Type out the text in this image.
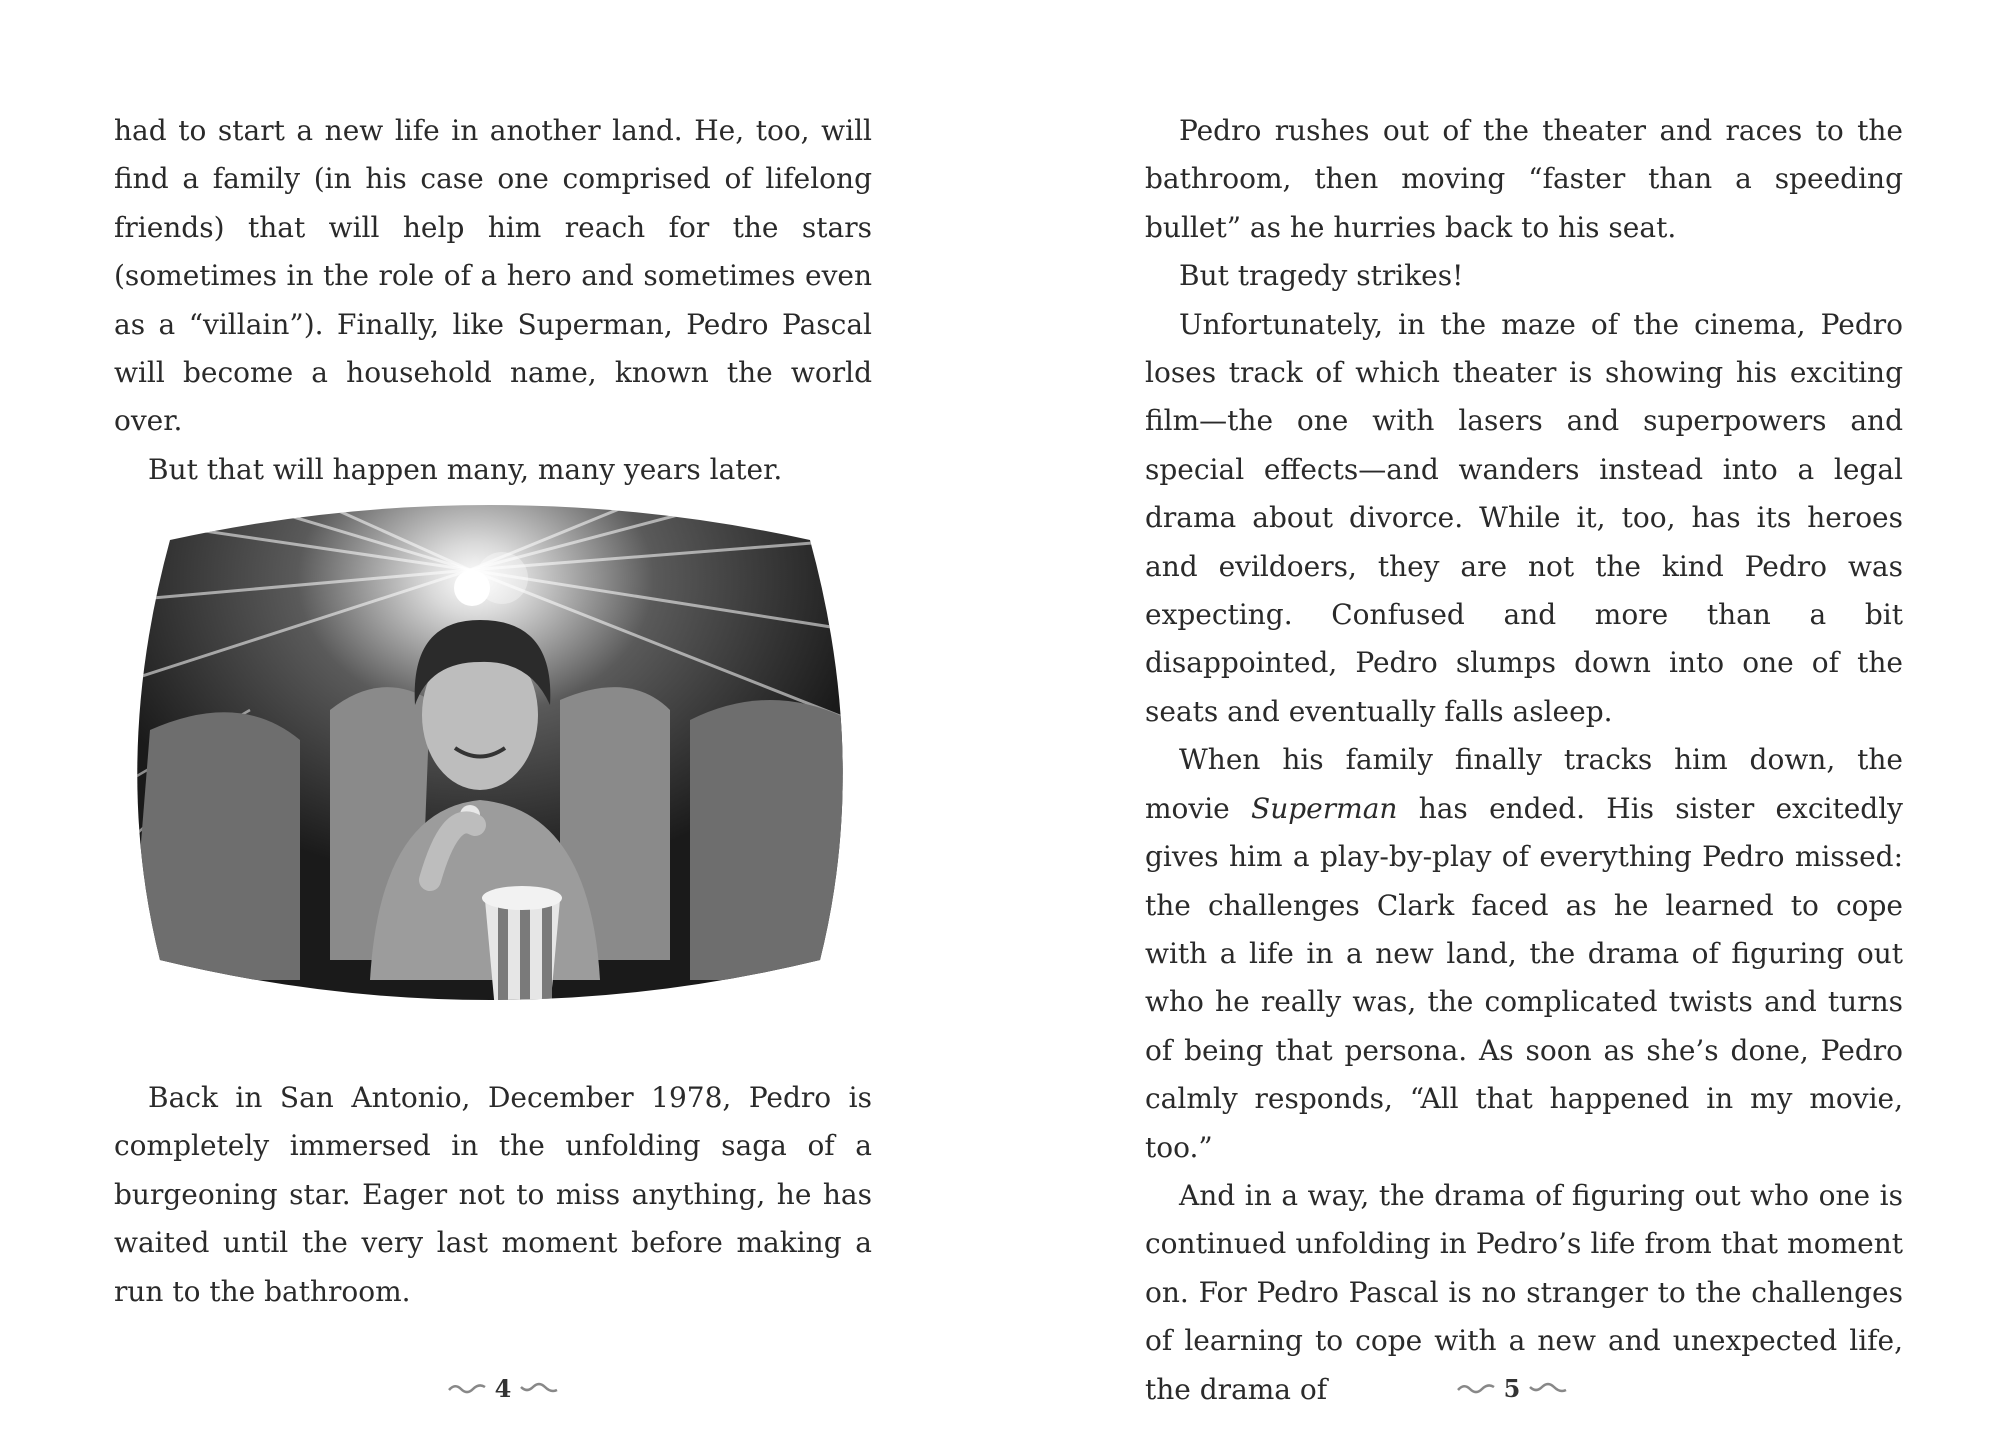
had to start a new life in another land. He, too, will find a family (in his case one comprised of lifelong friends) that will help him reach for the stars (sometimes in the role of a hero and sometimes even as a “villain”). Finally, like Superman, Pedro Pascal will become a household name, known the world over.

But that will happen many, many years later.

Back in San Antonio, December 1978, Pedro is completely immersed in the unfolding saga of a burgeoning star. Eager not to miss anything, he has waited until the very last moment before making a run to the bathroom.

4

Pedro rushes out of the theater and races to the bathroom, then moving “faster than a speeding bullet” as he hurries back to his seat.

But tragedy strikes!

Unfortunately, in the maze of the cinema, Pedro loses track of which theater is showing his exciting film—the one with lasers and superpowers and special effects—and wanders instead into a legal drama about divorce. While it, too, has its heroes and evildoers, they are not the kind Pedro was expecting. Confused and more than a bit disappointed, Pedro slumps down into one of the seats and eventually falls asleep.

When his family finally tracks him down, the movie Superman has ended. His sister excitedly gives him a play-by-play of everything Pedro missed: the challenges Clark faced as he learned to cope with a life in a new land, the drama of figuring out who he really was, the complicated twists and turns of being that persona. As soon as she’s done, Pedro calmly responds, “All that happened in my movie, too.”

And in a way, the drama of figuring out who one is continued unfolding in Pedro’s life from that moment on. For Pedro Pascal is no stranger to the challenges of learning to cope with a new and unexpected life, the drama of	5
